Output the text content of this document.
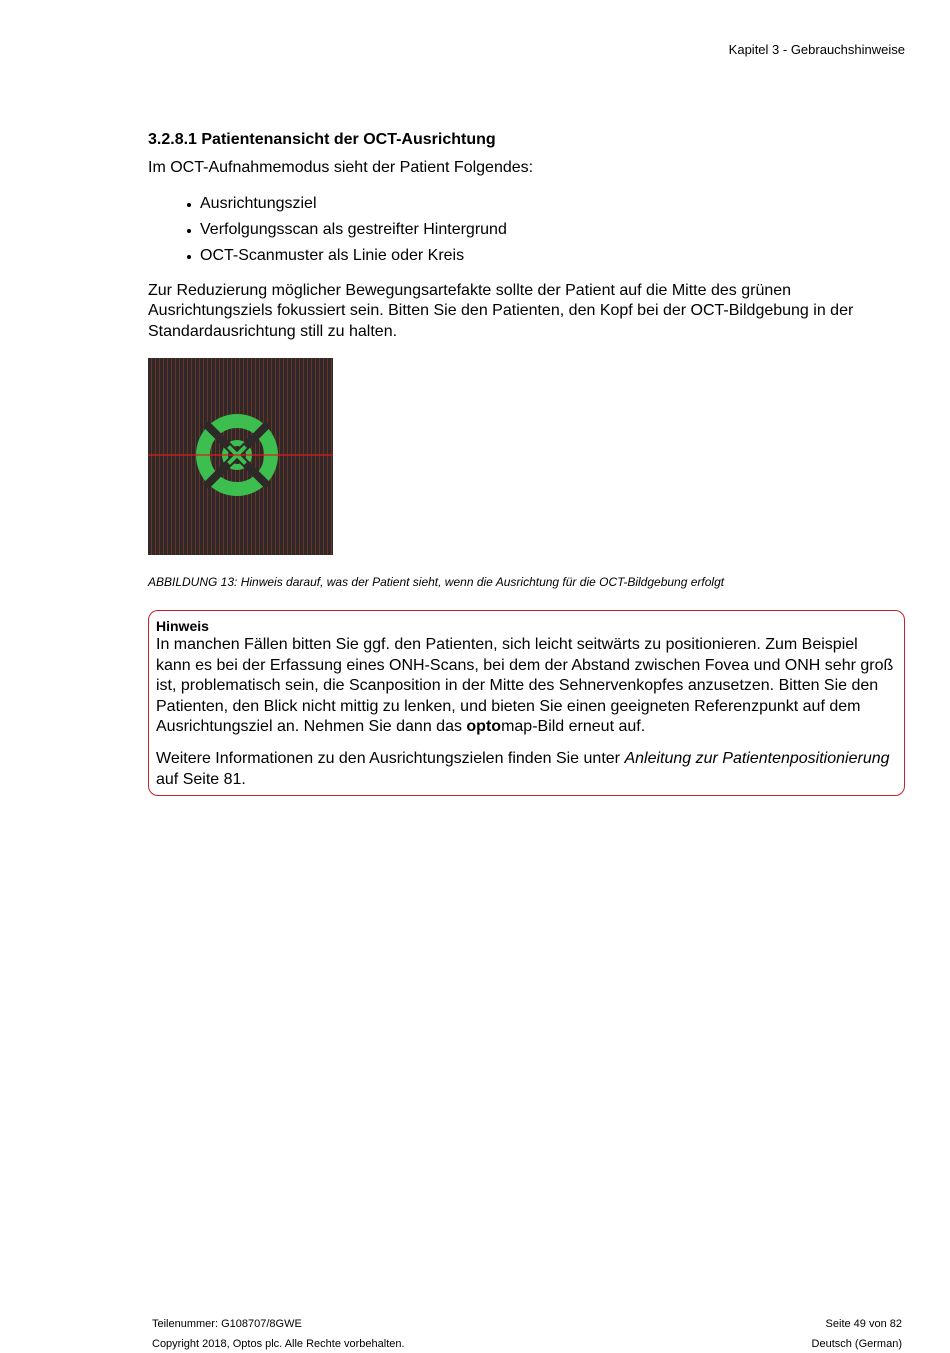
Kapitel 3 - Gebrauchshinweise
3.2.8.1 Patientenansicht der OCT-Ausrichtung

Im OCT-Aufnahmemodus sieht der Patient Folgendes:

Ausrichtungsziel
Verfolgungsscan als gestreifter Hintergrund
OCT-Scanmuster als Linie oder Kreis

Zur Reduzierung möglicher Bewegungsartefakte sollte der Patient auf die Mitte des grünen Ausrichtungsziels fokussiert sein. Bitten Sie den Patienten, den Kopf bei der OCT-Bildgebung in der Standardausrichtung still zu halten.

ABBILDUNG 13: Hinweis darauf, was der Patient sieht, wenn die Ausrichtung für die OCT-Bildgebung erfolgt
Hinweis

In manchen Fällen bitten Sie ggf. den Patienten, sich leicht seitwärts zu positionieren. Zum Beispiel kann es bei der Erfassung eines ONH-Scans, bei dem der Abstand zwischen Fovea und ONH sehr groß ist, problematisch sein, die Scanposition in der Mitte des Sehnervenkopfes anzusetzen. Bitten Sie den Patienten, den Blick nicht mittig zu lenken, und bieten Sie einen geeigneten Referenzpunkt auf dem Ausrichtungsziel an. Nehmen Sie dann das optomap-Bild erneut auf.

Weitere Informationen zu den Ausrichtungszielen finden Sie unter Anleitung zur Patientenpositionierung auf Seite 81.

Teilenummer: G108707/8GWE	Seite 49 von 82
Copyright 2018, Optos plc. Alle Rechte vorbehalten.	Deutsch (German)
